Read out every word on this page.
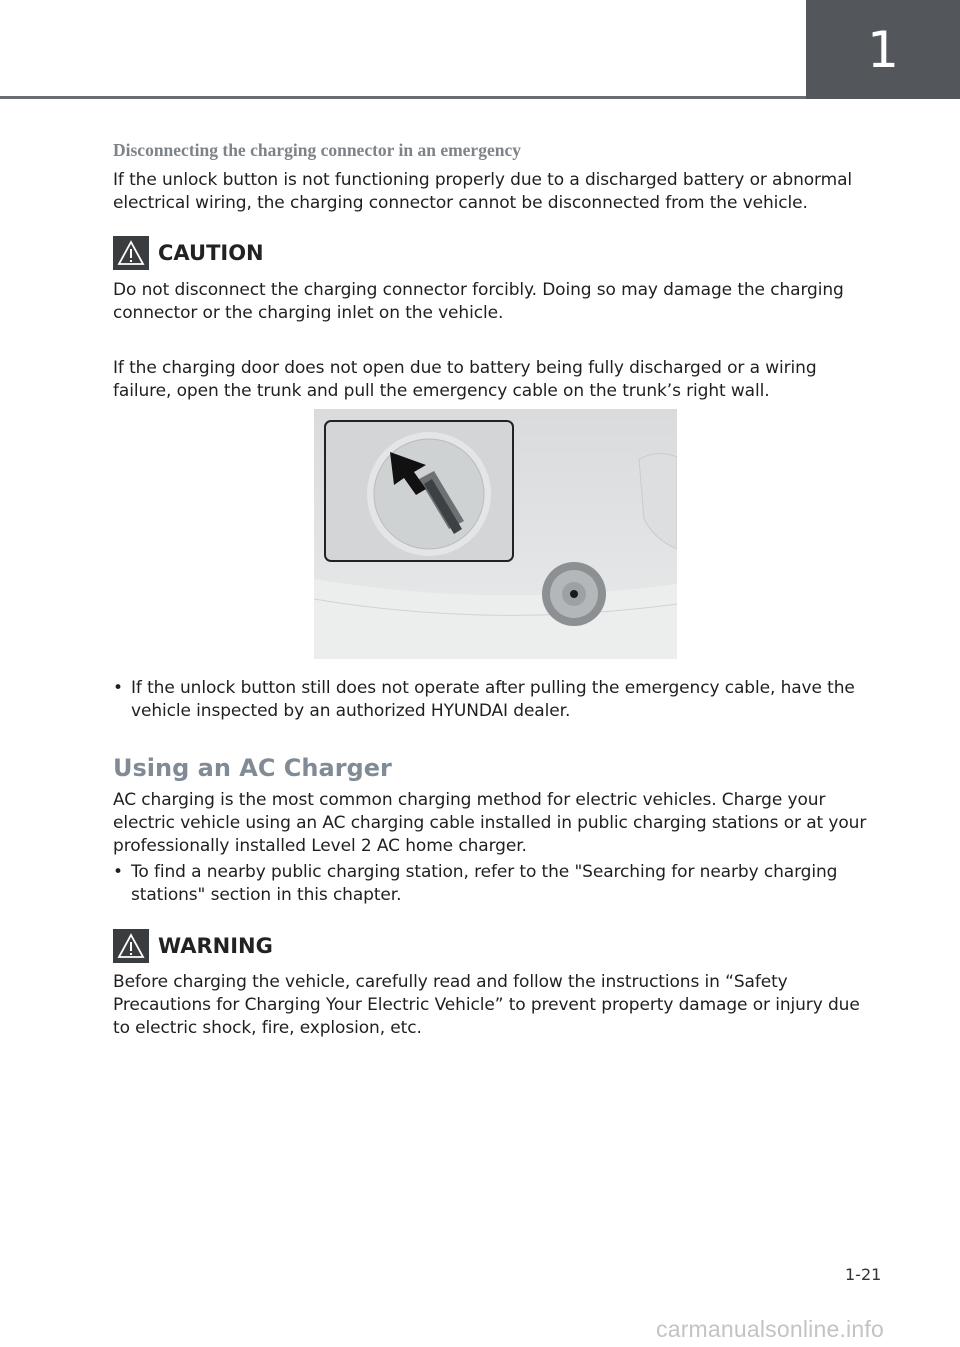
1
Disconnecting the charging connector in an emergency
If the unlock button is not functioning properly due to a discharged battery or abnormal electrical wiring, the charging connector cannot be disconnected from the vehicle.
CAUTION
Do not disconnect the charging connector forcibly. Doing so may damage the charging connector or the charging inlet on the vehicle.
If the charging door does not open due to battery being fully discharged or a wiring failure, open the trunk and pull the emergency cable on the trunk’s right wall.
• If the unlock button still does not operate after pulling the emergency cable, have the vehicle inspected by an authorized HYUNDAI dealer.
Using an AC Charger
AC charging is the most common charging method for electric vehicles. Charge your electric vehicle using an AC charging cable installed in public charging stations or at your professionally installed Level 2 AC home charger.
• To find a nearby public charging station, refer to the "Searching for nearby charging stations" section in this chapter.
WARNING
Before charging the vehicle, carefully read and follow the instructions in “Safety Precautions for Charging Your Electric Vehicle” to prevent property damage or injury due to electric shock, fire, explosion, etc.
1-21
carmanualsonline.info
